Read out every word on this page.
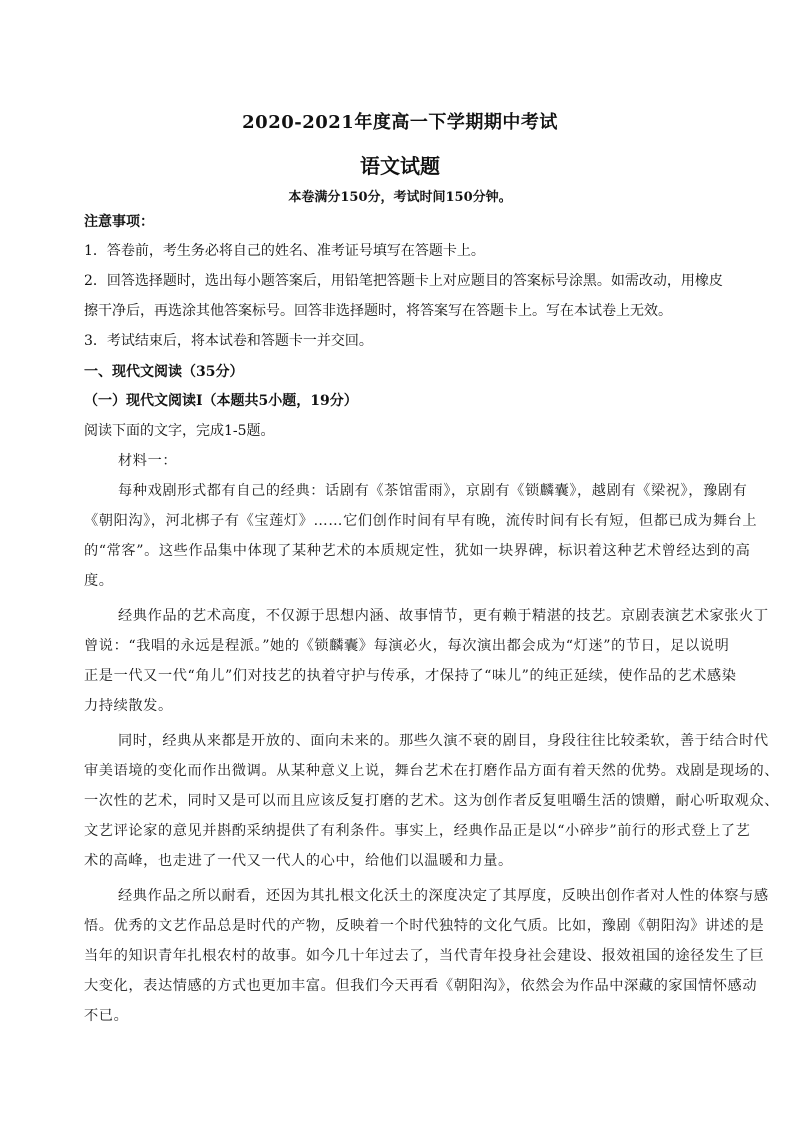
2020-2021年度高一下学期期中考试
语文试题
本卷满分150分，考试时间150分钟。
注意事项：
1．答卷前，考生务必将自己的姓名、准考证号填写在答题卡上。
2．回答选择题时，选出每小题答案后，用铅笔把答题卡上对应题目的答案标号涂黑。如需改动，用橡皮
擦干净后，再选涂其他答案标号。回答非选择题时，将答案写在答题卡上。写在本试卷上无效。
3．考试结束后，将本试卷和答题卡一并交回。
一、现代文阅读（35分）
（一）现代文阅读Ⅰ（本题共5小题，19分）
阅读下面的文字，完成1-5题。
材料一：
每种戏剧形式都有自己的经典：话剧有《茶馆雷雨》，京剧有《锁麟囊》，越剧有《梁祝》，豫剧有
《朝阳沟》，河北梆子有《宝莲灯》……它们创作时间有早有晚，流传时间有长有短，但都已成为舞台上
的“常客”。这些作品集中体现了某种艺术的本质规定性，犹如一块界碑，标识着这种艺术曾经达到的高
度。
经典作品的艺术高度，不仅源于思想内涵、故事情节，更有赖于精湛的技艺。京剧表演艺术家张火丁
曾说：“我唱的永远是程派。”她的《锁麟囊》每演必火，每次演出都会成为“灯迷”的节日，足以说明
正是一代又一代“角儿”们对技艺的执着守护与传承，才保持了“味儿”的纯正延续，使作品的艺术感染
力持续散发。
同时，经典从来都是开放的、面向未来的。那些久演不衰的剧目，身段往往比较柔软，善于结合时代
审美语境的变化而作出微调。从某种意义上说，舞台艺术在打磨作品方面有着天然的优势。戏剧是现场的、
一次性的艺术，同时又是可以而且应该反复打磨的艺术。这为创作者反复咀嚼生活的馈赠，耐心听取观众、
文艺评论家的意见并斟酌采纳提供了有利条件。事实上，经典作品正是以“小碎步”前行的形式登上了艺
术的高峰，也走进了一代又一代人的心中，给他们以温暖和力量。
经典作品之所以耐看，还因为其扎根文化沃土的深度决定了其厚度，反映出创作者对人性的体察与感
悟。优秀的文艺作品总是时代的产物，反映着一个时代独特的文化气质。比如，豫剧《朝阳沟》讲述的是
当年的知识青年扎根农村的故事。如今几十年过去了，当代青年投身社会建设、报效祖国的途径发生了巨
大变化，表达情感的方式也更加丰富。但我们今天再看《朝阳沟》，依然会为作品中深藏的家国情怀感动
不已。
